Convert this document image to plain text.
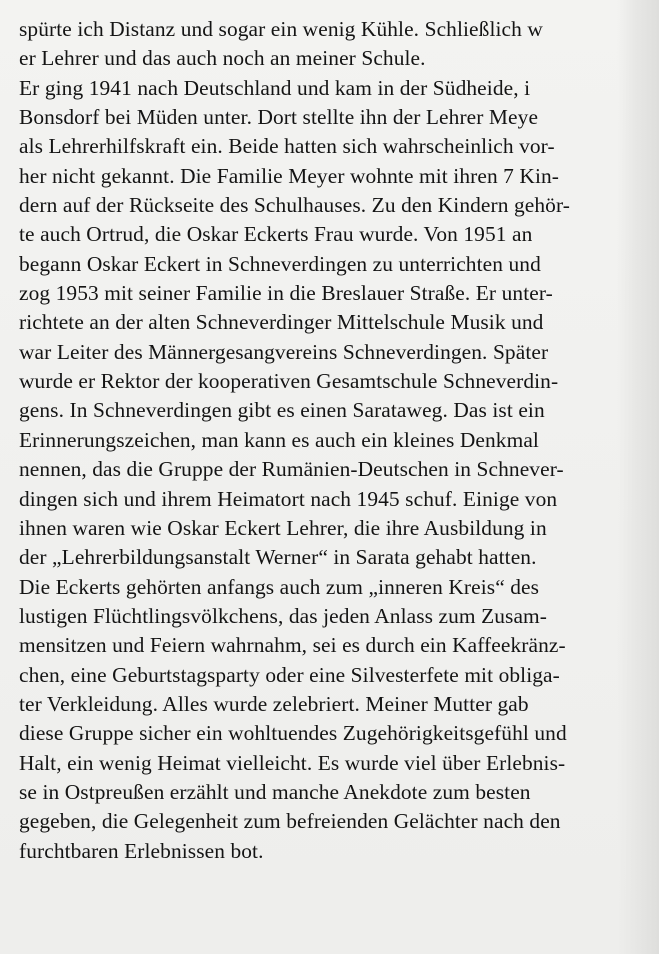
spürte ich Distanz und sogar ein wenig Kühle. Schließlich w
er Lehrer und das auch noch an meiner Schule.
Er ging 1941 nach Deutschland und kam in der Südheide, i
Bonsdorf bei Müden unter. Dort stellte ihn der Lehrer Meye
als Lehrerhilfskraft ein. Beide hatten sich wahrscheinlich vor-
her nicht gekannt. Die Familie Meyer wohnte mit ihren 7 Kin-
dern auf der Rückseite des Schulhauses. Zu den Kindern gehör-
te auch Ortrud, die Oskar Eckerts Frau wurde. Von 1951 an
begann Oskar Eckert in Schneverdingen zu unterrichten und
zog 1953 mit seiner Familie in die Breslauer Straße. Er unter-
richtete an der alten Schneverdinger Mittelschule Musik und
war Leiter des Männergesangvereins Schneverdingen. Später
wurde er Rektor der kooperativen Gesamtschule Schneverdin-
gens. In Schneverdingen gibt es einen Saratawеg. Das ist ein
Erinnerungszeichen, man kann es auch ein kleines Denkmal
nennen, das die Gruppe der Rumänien-Deutschen in Schnever-
dingen sich und ihrem Heimatort nach 1945 schuf. Einige von
ihnen waren wie Oskar Eckert Lehrer, die ihre Ausbildung in
der „Lehrerbildungsanstalt Werner“ in Sarata gehabt hatten.
Die Eckerts gehörten anfangs auch zum „inneren Kreis“ des
lustigen Flüchtlingsvölkchens, das jeden Anlass zum Zusam-
mensitzen und Feiern wahrnahm, sei es durch ein Kaffeekränz-
chen, eine Geburtstagsparty oder eine Silvesterfete mit obliga-
ter Verkleidung. Alles wurde zelebriert. Meiner Mutter gab
diese Gruppe sicher ein wohltuendes Zugehörigkeitsgefühl und
Halt, ein wenig Heimat vielleicht. Es wurde viel über Erlebnis-
se in Ostpreußen erzählt und manche Anekdote zum besten
gegeben, die Gelegenheit zum befreienden Gelächter nach den
furchtbaren Erlebnissen bot.
